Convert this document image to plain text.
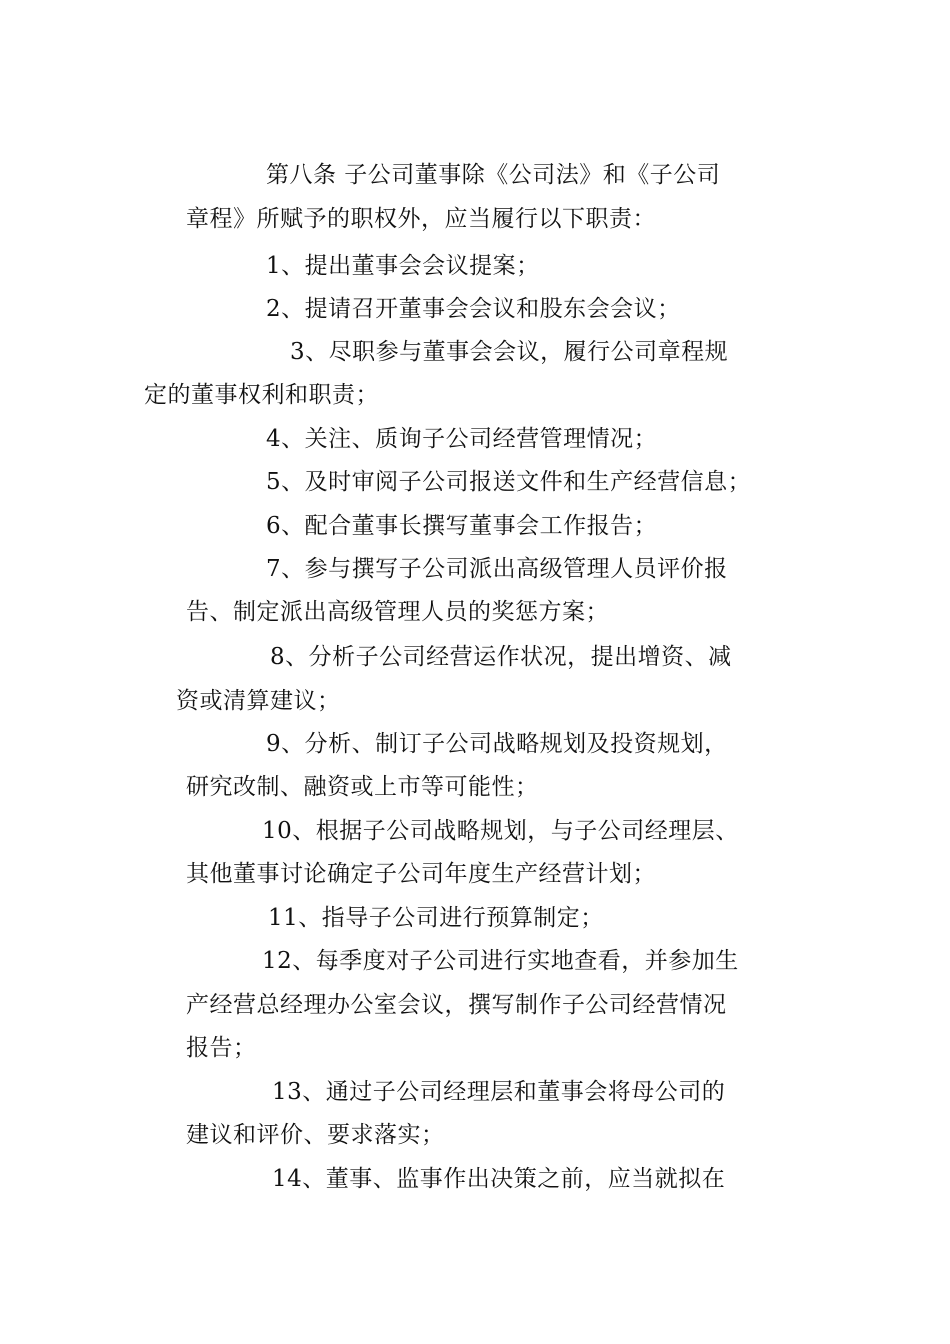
第八条 子公司董事除《公司法》和《子公司
章程》所赋予的职权外，应当履行以下职责：
1、提出董事会会议提案；
2、提请召开董事会会议和股东会会议；
3、尽职参与董事会会议，履行公司章程规
定的董事权利和职责；
4、关注、质询子公司经营管理情况；
5、及时审阅子公司报送文件和生产经营信息；
6、配合董事长撰写董事会工作报告；
7、参与撰写子公司派出高级管理人员评价报
告、制定派出高级管理人员的奖惩方案；
8、分析子公司经营运作状况，提出增资、减
资或清算建议；
9、分析、制订子公司战略规划及投资规划，
研究改制、融资或上市等可能性；
10、根据子公司战略规划，与子公司经理层、
其他董事讨论确定子公司年度生产经营计划；
11、指导子公司进行预算制定；
12、每季度对子公司进行实地查看，并参加生
产经营总经理办公室会议，撰写制作子公司经营情况
报告；
13、通过子公司经理层和董事会将母公司的
建议和评价、要求落实；
14、董事、监事作出决策之前，应当就拟在
